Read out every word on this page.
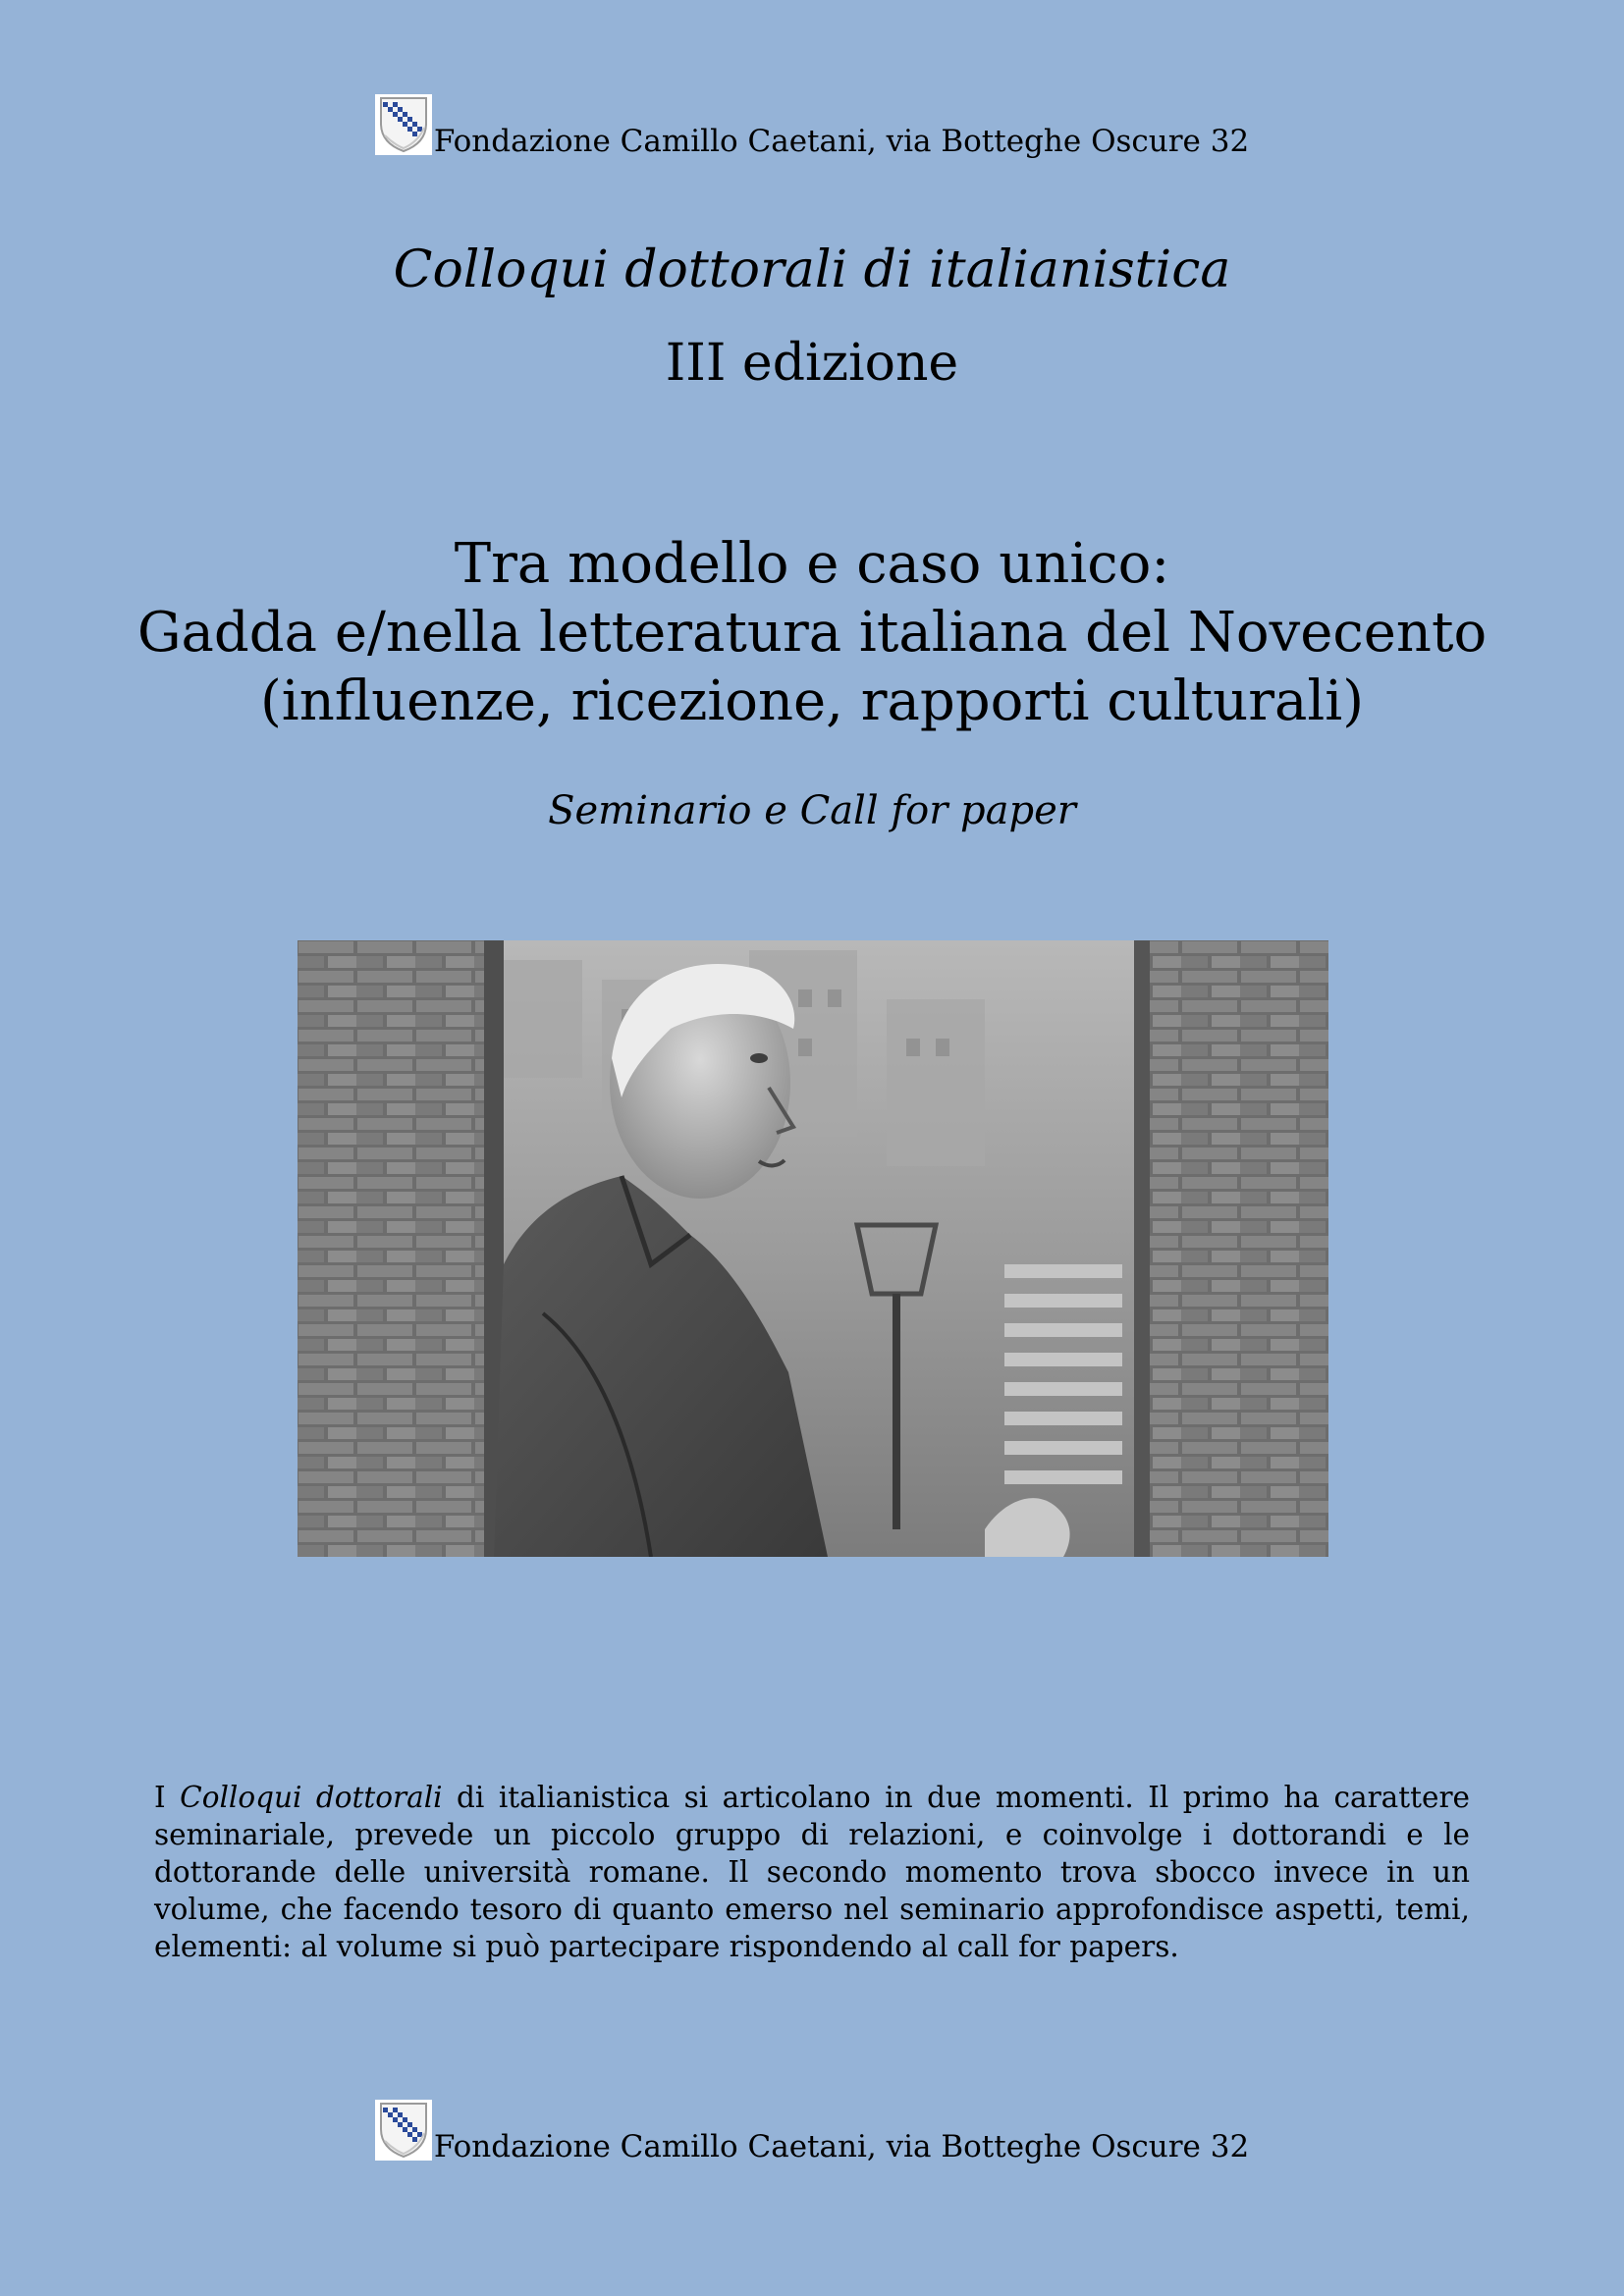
Fondazione Camillo Caetani, via Botteghe Oscure 32
Colloqui dottorali di italianistica
III edizione
Tra modello e caso unico:
Gadda e/nella letteratura italiana del Novecento
(influenze, ricezione, rapporti culturali)
Seminario e Call for paper
I Colloqui dottorali di italianistica si articolano in due momenti. Il primo ha carattere seminariale, prevede un piccolo gruppo di relazioni, e coinvolge i dottorandi e le dottorande delle università romane. Il secondo momento trova sbocco invece in un volume, che facendo tesoro di quanto emerso nel seminario approfondisce aspetti, temi, elementi: al volume si può partecipare rispondendo al call for papers.
Fondazione Camillo Caetani, via Botteghe Oscure 32
